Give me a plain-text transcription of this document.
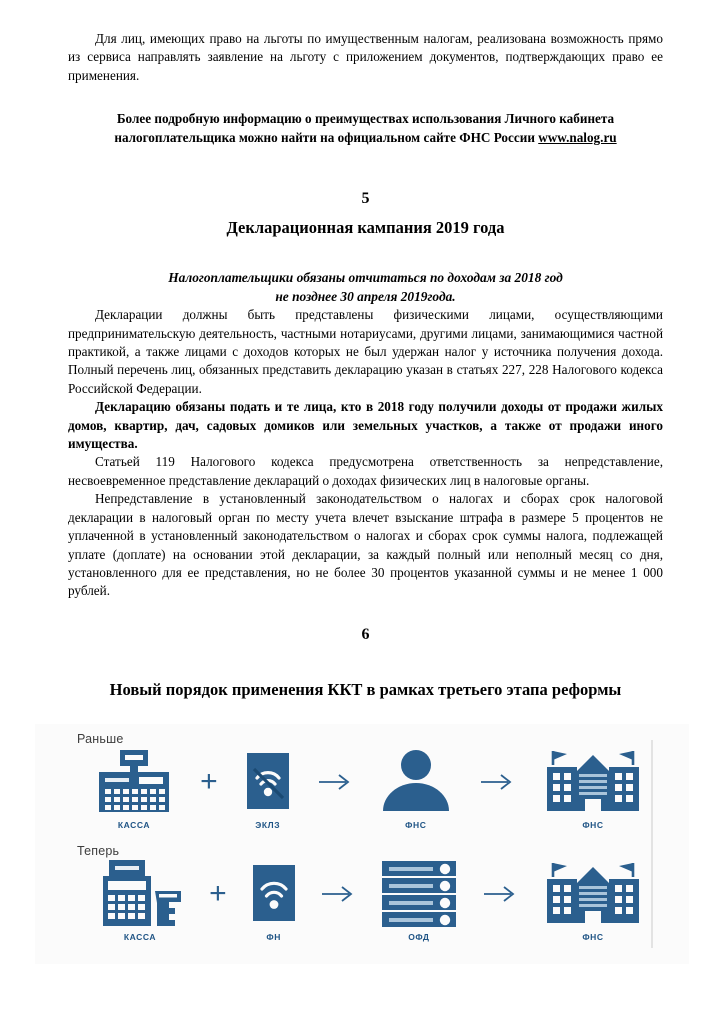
Для лиц, имеющих право на льготы по имущественным налогам, реализована возможность прямо из сервиса направлять заявление на льготу с приложением документов, подтверждающих право ее применения.

Более подробную информацию о преимуществах использования Личного кабинета

налогоплательщика можно найти на официальном сайте ФНС России www.nalog.ru

5

Декларационная кампания 2019 года

Налогоплательщики обязаны отчитаться по доходам за 2018 год

не позднее 30 апреля 2019года.

Декларации должны быть представлены физическими лицами, осуществляющими предпринимательскую деятельность, частными нотариусами, другими лицами, занимающимися частной практикой, а также лицами с доходов которых не был удержан налог у источника получения дохода. Полный перечень лиц, обязанных представить декларацию указан в статьях 227, 228 Налогового кодекса Российской Федерации.

Декларацию обязаны подать и те лица, кто в 2018 году получили доходы от продажи жилых домов, квартир, дач, садовых домиков или земельных участков, а также от продажи иного имущества.

Статьей 119 Налогового кодекса предусмотрена ответственность за непредставление, несвоевременное представление деклараций о доходах физических лиц в налоговые органы.

Непредставление в установленный законодательством о налогах и сборах срок налоговой декларации в налоговый орган по месту учета влечет взыскание штрафа в размере 5 процентов не уплаченной в установленный законодательством о налогах и сборах срок суммы налога, подлежащей уплате (доплате) на основании этой декларации, за каждый полный или неполный месяц со дня, установленного для ее представления, но не более 30 процентов указанной суммы и не менее 1 000 рублей.

6

Новый порядок применения ККТ в рамках третьего этапа реформы
Раньше
КАССА
+
ЭКЛЗ	ФНС	ФНС
Теперь
КАССА
+
ФН	ОФД	ФНС
